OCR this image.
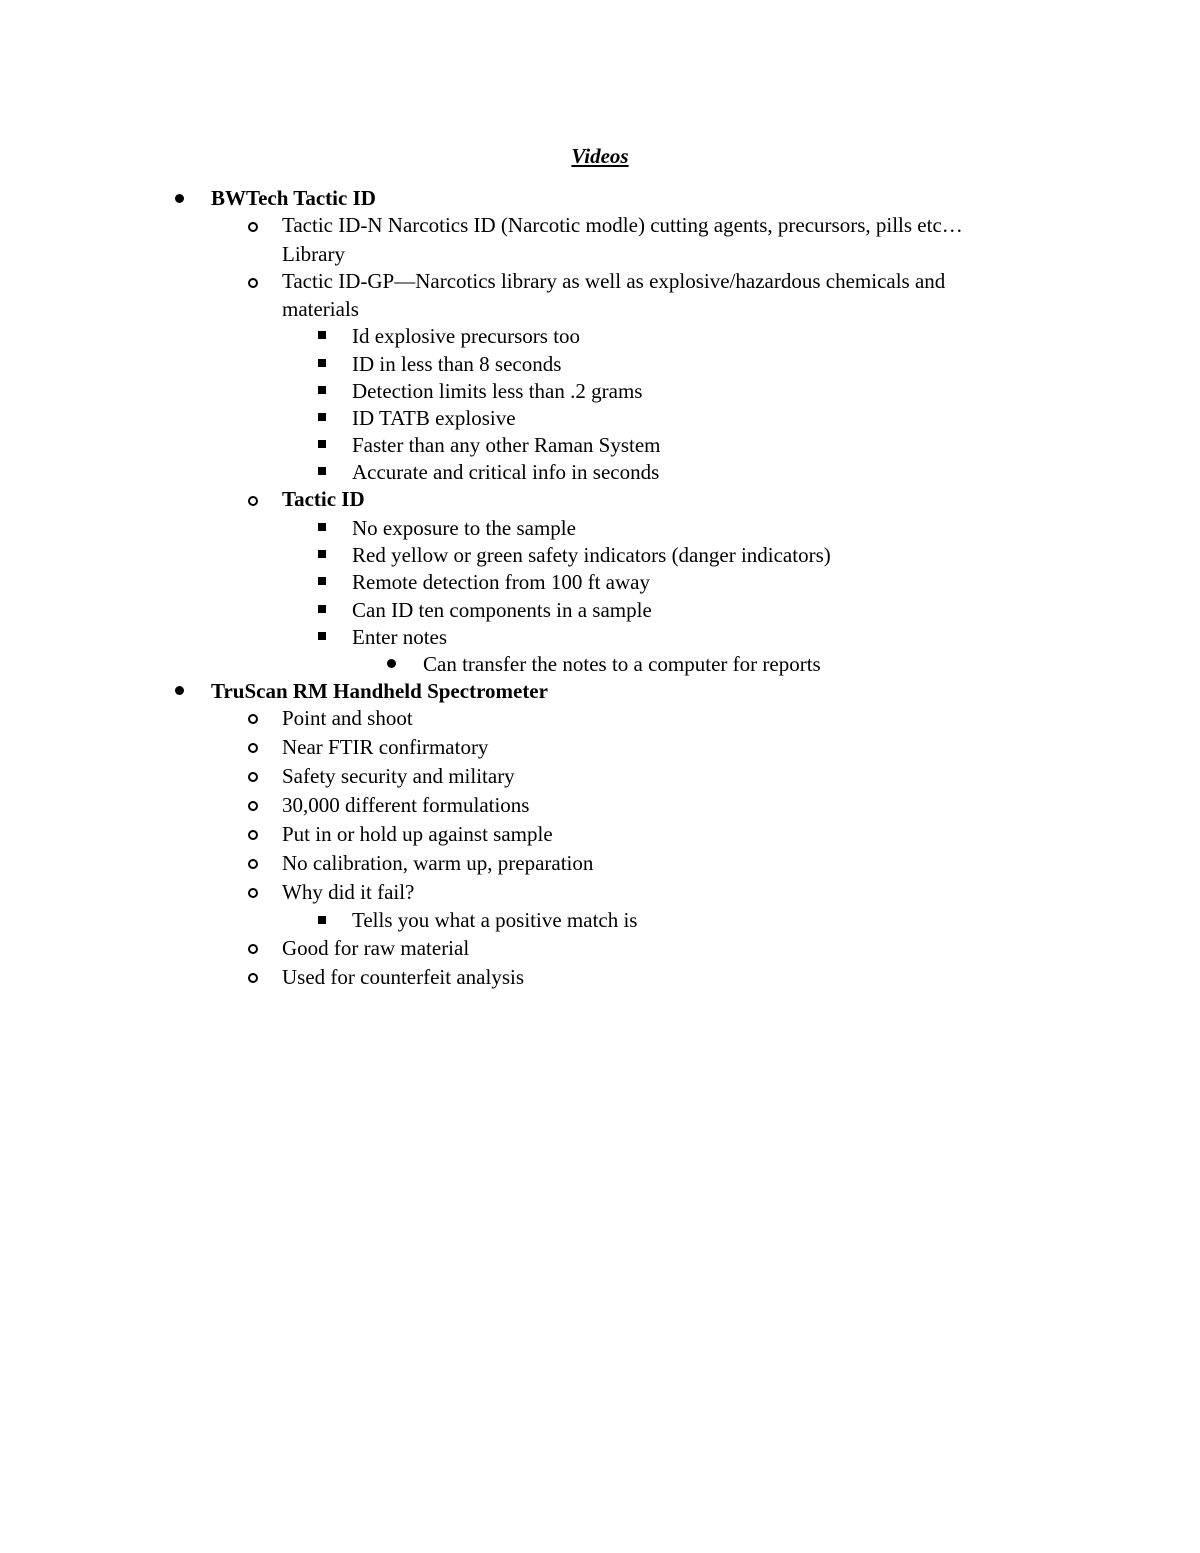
Videos
BWTech Tactic ID
Tactic ID-N Narcotics ID (Narcotic modle) cutting agents, precursors, pills etc…
Library
Tactic ID-GP—Narcotics library as well as explosive/hazardous chemicals and
materials
Id explosive precursors too
ID in less than 8 seconds
Detection limits less than .2 grams
ID TATB explosive
Faster than any other Raman System
Accurate and critical info in seconds
Tactic ID
No exposure to the sample
Red yellow or green safety indicators (danger indicators)
Remote detection from 100 ft away
Can ID ten components in a sample
Enter notes
Can transfer the notes to a computer for reports
TruScan RM Handheld Spectrometer
Point and shoot
Near FTIR confirmatory
Safety security and military
30,000 different formulations
Put in or hold up against sample
No calibration, warm up, preparation
Why did it fail?
Tells you what a positive match is
Good for raw material
Used for counterfeit analysis
